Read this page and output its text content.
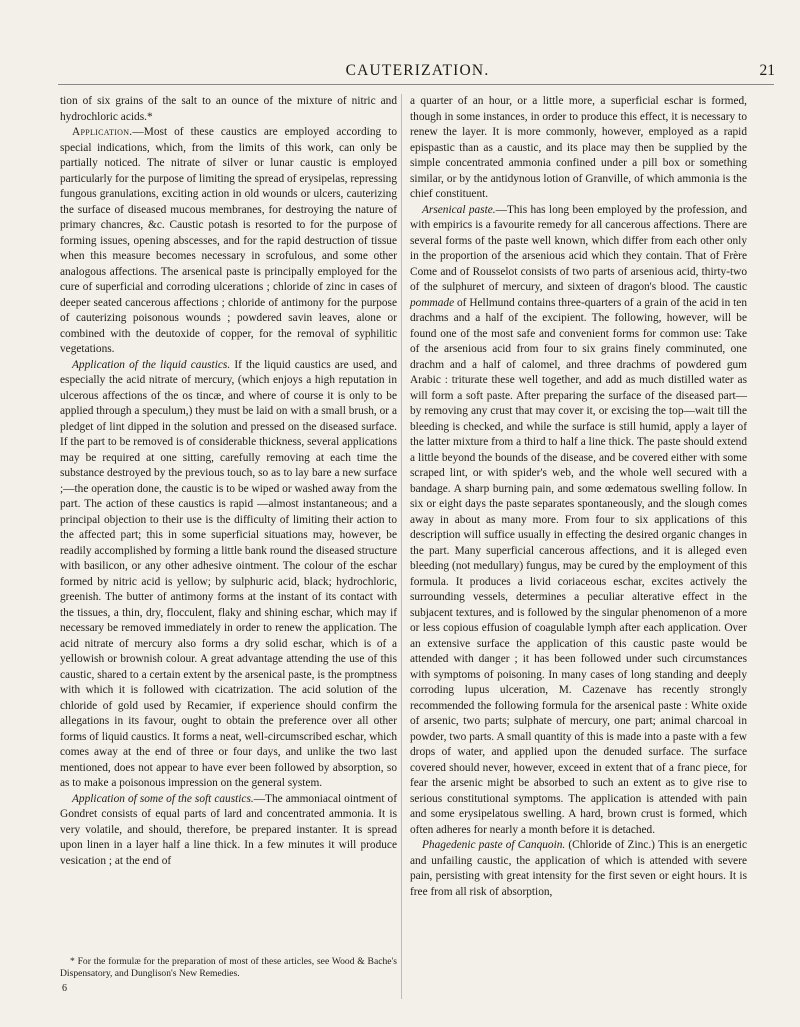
CAUTERIZATION.	21

tion of six grains of the salt to an ounce of the mixture of nitric and hydrochloric acids.*

Application.—Most of these caustics are employed according to special indications, which, from the limits of this work, can only be partially noticed. The nitrate of silver or lunar caustic is employed particularly for the purpose of limiting the spread of erysipelas, repressing fungous granulations, exciting action in old wounds or ulcers, cauterizing the surface of diseased mucous membranes, for destroying the nature of primary chancres, &c. Caustic potash is resorted to for the purpose of forming issues, opening abscesses, and for the rapid destruction of tissue when this measure becomes necessary in scrofulous, and some other analogous affections. The arsenical paste is principally employed for the cure of superficial and corroding ulcerations ; chloride of zinc in cases of deeper seated cancerous affections ; chloride of antimony for the purpose of cauterizing poisonous wounds ; powdered savin leaves, alone or combined with the deutoxide of copper, for the removal of syphilitic vegetations.

Application of the liquid caustics. If the liquid caustics are used, and especially the acid nitrate of mercury, (which enjoys a high reputation in ulcerous affections of the os tincæ, and where of course it is only to be applied through a speculum,) they must be laid on with a small brush, or a pledget of lint dipped in the solution and pressed on the diseased surface. If the part to be removed is of considerable thickness, several applications may be required at one sitting, carefully removing at each time the substance destroyed by the previous touch, so as to lay bare a new surface ;—the operation done, the caustic is to be wiped or washed away from the part. The action of these caustics is rapid —almost instantaneous; and a principal objection to their use is the difficulty of limiting their action to the affected part; this in some superficial situations may, however, be readily accomplished by forming a little bank round the diseased structure with basilicon, or any other adhesive ointment. The colour of the eschar formed by nitric acid is yellow; by sulphuric acid, black; hydrochloric, greenish. The butter of antimony forms at the instant of its contact with the tissues, a thin, dry, flocculent, flaky and shining eschar, which may if necessary be removed immediately in order to renew the application. The acid nitrate of mercury also forms a dry solid eschar, which is of a yellowish or brownish colour. A great advantage attending the use of this caustic, shared to a certain extent by the arsenical paste, is the promptness with which it is followed with cicatrization. The acid solution of the chloride of gold used by Recamier, if experience should confirm the allegations in its favour, ought to obtain the preference over all other forms of liquid caustics. It forms a neat, well-circumscribed eschar, which comes away at the end of three or four days, and unlike the two last mentioned, does not appear to have ever been followed by absorption, so as to make a poisonous impression on the general system.

Application of some of the soft caustics.—The ammoniacal ointment of Gondret consists of equal parts of lard and concentrated ammonia. It is very volatile, and should, therefore, be prepared instanter. It is spread upon linen in a layer half a line thick. In a few minutes it will produce vesication ; at the end of

* For the formulæ for the preparation of most of these articles, see Wood & Bache's Dispensatory, and Dunglison's New Remedies.

6

a quarter of an hour, or a little more, a superficial eschar is formed, though in some instances, in order to produce this effect, it is necessary to renew the layer. It is more commonly, however, employed as a rapid epispastic than as a caustic, and its place may then be supplied by the simple concentrated ammonia confined under a pill box or something similar, or by the antidynous lotion of Granville, of which ammonia is the chief constituent.

Arsenical paste.—This has long been employed by the profession, and with empirics is a favourite remedy for all cancerous affections. There are several forms of the paste well known, which differ from each other only in the proportion of the arsenious acid which they contain. That of Frère Come and of Rousselot consists of two parts of arsenious acid, thirty-two of the sulphuret of mercury, and sixteen of dragon's blood. The caustic pommade of Hellmund contains three-quarters of a grain of the acid in ten drachms and a half of the excipient. The following, however, will be found one of the most safe and convenient forms for common use: Take of the arsenious acid from four to six grains finely comminuted, one drachm and a half of calomel, and three drachms of powdered gum Arabic : triturate these well together, and add as much distilled water as will form a soft paste. After preparing the surface of the diseased part—by removing any crust that may cover it, or excising the top—wait till the bleeding is checked, and while the surface is still humid, apply a layer of the latter mixture from a third to half a line thick. The paste should extend a little beyond the bounds of the disease, and be covered either with some scraped lint, or with spider's web, and the whole well secured with a bandage. A sharp burning pain, and some œdematous swelling follow. In six or eight days the paste separates spontaneously, and the slough comes away in about as many more. From four to six applications of this description will suffice usually in effecting the desired organic changes in the part. Many superficial cancerous affections, and it is alleged even bleeding (not medullary) fungus, may be cured by the employment of this formula. It produces a livid coriaceous eschar, excites actively the surrounding vessels, determines a peculiar alterative effect in the subjacent textures, and is followed by the singular phenomenon of a more or less copious effusion of coagulable lymph after each application. Over an extensive surface the application of this caustic paste would be attended with danger ; it has been followed under such circumstances with symptoms of poisoning. In many cases of long standing and deeply corroding lupus ulceration, M. Cazenave has recently strongly recommended the following formula for the arsenical paste : White oxide of arsenic, two parts; sulphate of mercury, one part; animal charcoal in powder, two parts. A small quantity of this is made into a paste with a few drops of water, and applied upon the denuded surface. The surface covered should never, however, exceed in extent that of a franc piece, for fear the arsenic might be absorbed to such an extent as to give rise to serious constitutional symptoms. The application is attended with pain and some erysipelatous swelling. A hard, brown crust is formed, which often adheres for nearly a month before it is detached.

Phagedenic paste of Canquoin. (Chloride of Zinc.) This is an energetic and unfailing caustic, the application of which is attended with severe pain, persisting with great intensity for the first seven or eight hours. It is free from all risk of absorption,
